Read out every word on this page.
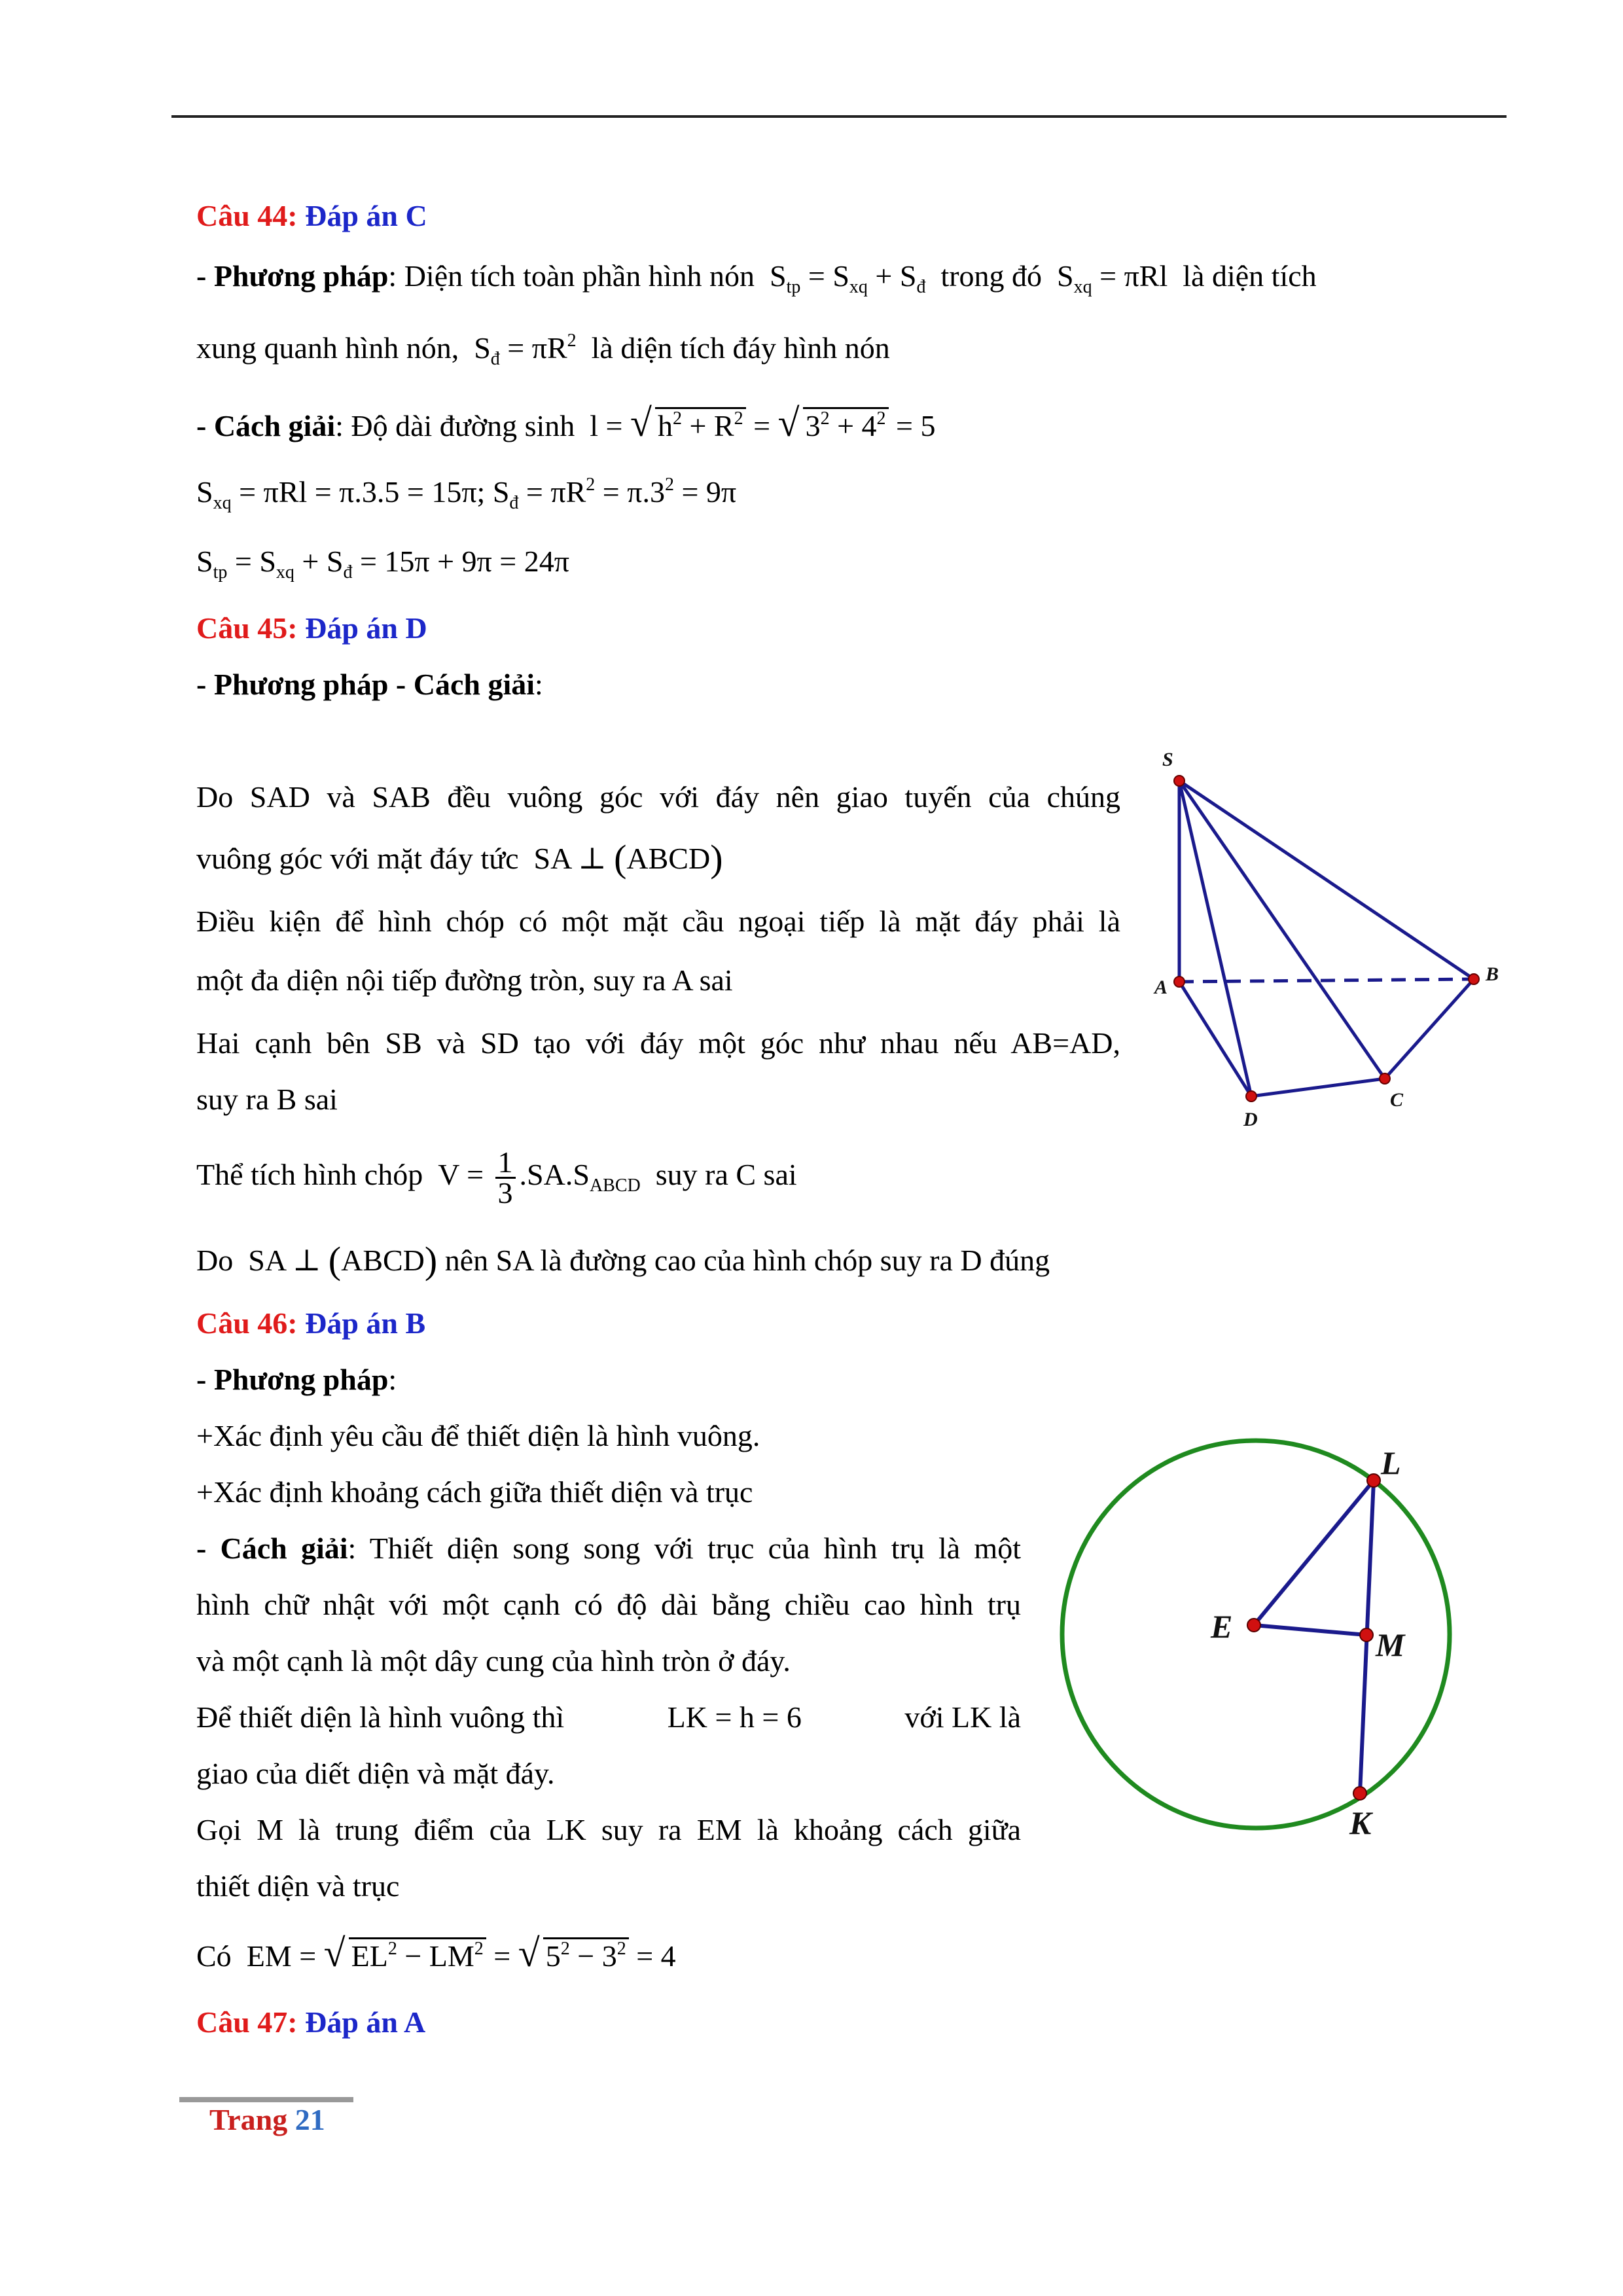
Câu 44: Đáp án C
- Phương pháp: Diện tích toàn phần hình nón  $S_{tp} = S_{xq} + S_đ$ trong đó  $S_{xq} = \pi Rl$  là diện tích
xung quanh hình nón,  $S_đ = \pi R^2$ là diện tích đáy hình nón
- Cách giải: Độ dài đường sinh  l = √ $h^2 + R^2$ = √ $3^2 + 4^2 = 5$
$S_{xq} = \pi Rl = \pi.3.5 = 15\pi$; $S_đ = \pi R^2 = \pi.3^2 = 9\pi$
$S_{tp} = S_{xq} + S_đ = 15\pi + 9\pi = 24\pi$
Câu 45: Đáp án D
- Phương pháp - Cách giải:
Do SAD và SAB đều vuông góc với đáy nên giao tuyến của chúng
vuông góc với mặt đáy tức  SA ⊥ (ABCD)
Điều kiện để hình chóp có một mặt cầu ngoại tiếp là mặt đáy phải là
một đa diện nội tiếp đường tròn, suy ra A sai
Hai cạnh bên SB và SD tạo với đáy một góc như nhau nếu AB=AD,
suy ra B sai
Thể tích hình chóp  $V = \frac{1}{3} .SA.S_{ABCD}$ suy ra C sai
Do  SA ⊥ (ABCD) nên SA là đường cao của hình chóp suy ra D đúng
S
A
B
C
D
Câu 46: Đáp án B
- Phương pháp:
+Xác định yêu cầu để thiết diện là hình vuông.
+Xác định khoảng cách giữa thiết diện và trục
- Cách giải: Thiết diện song song với trục của hình trụ là một
hình chữ nhật với một cạnh có độ dài bằng chiều cao hình trụ
và một cạnh là một dây cung của hình tròn ở đáy.
Để thiết diện là hình vuông thì	LK = h = 6	với LK là
giao của diết diện và mặt đáy.
Gọi M là trung điểm của LK suy ra EM là khoảng cách giữa
thiết diện và trục
Có  EM = √ $EL^2 - LM^2$ = √ $5^2 - 3^2 = 4$
L
E	M
K
Câu 47: Đáp án A
Trang 21
